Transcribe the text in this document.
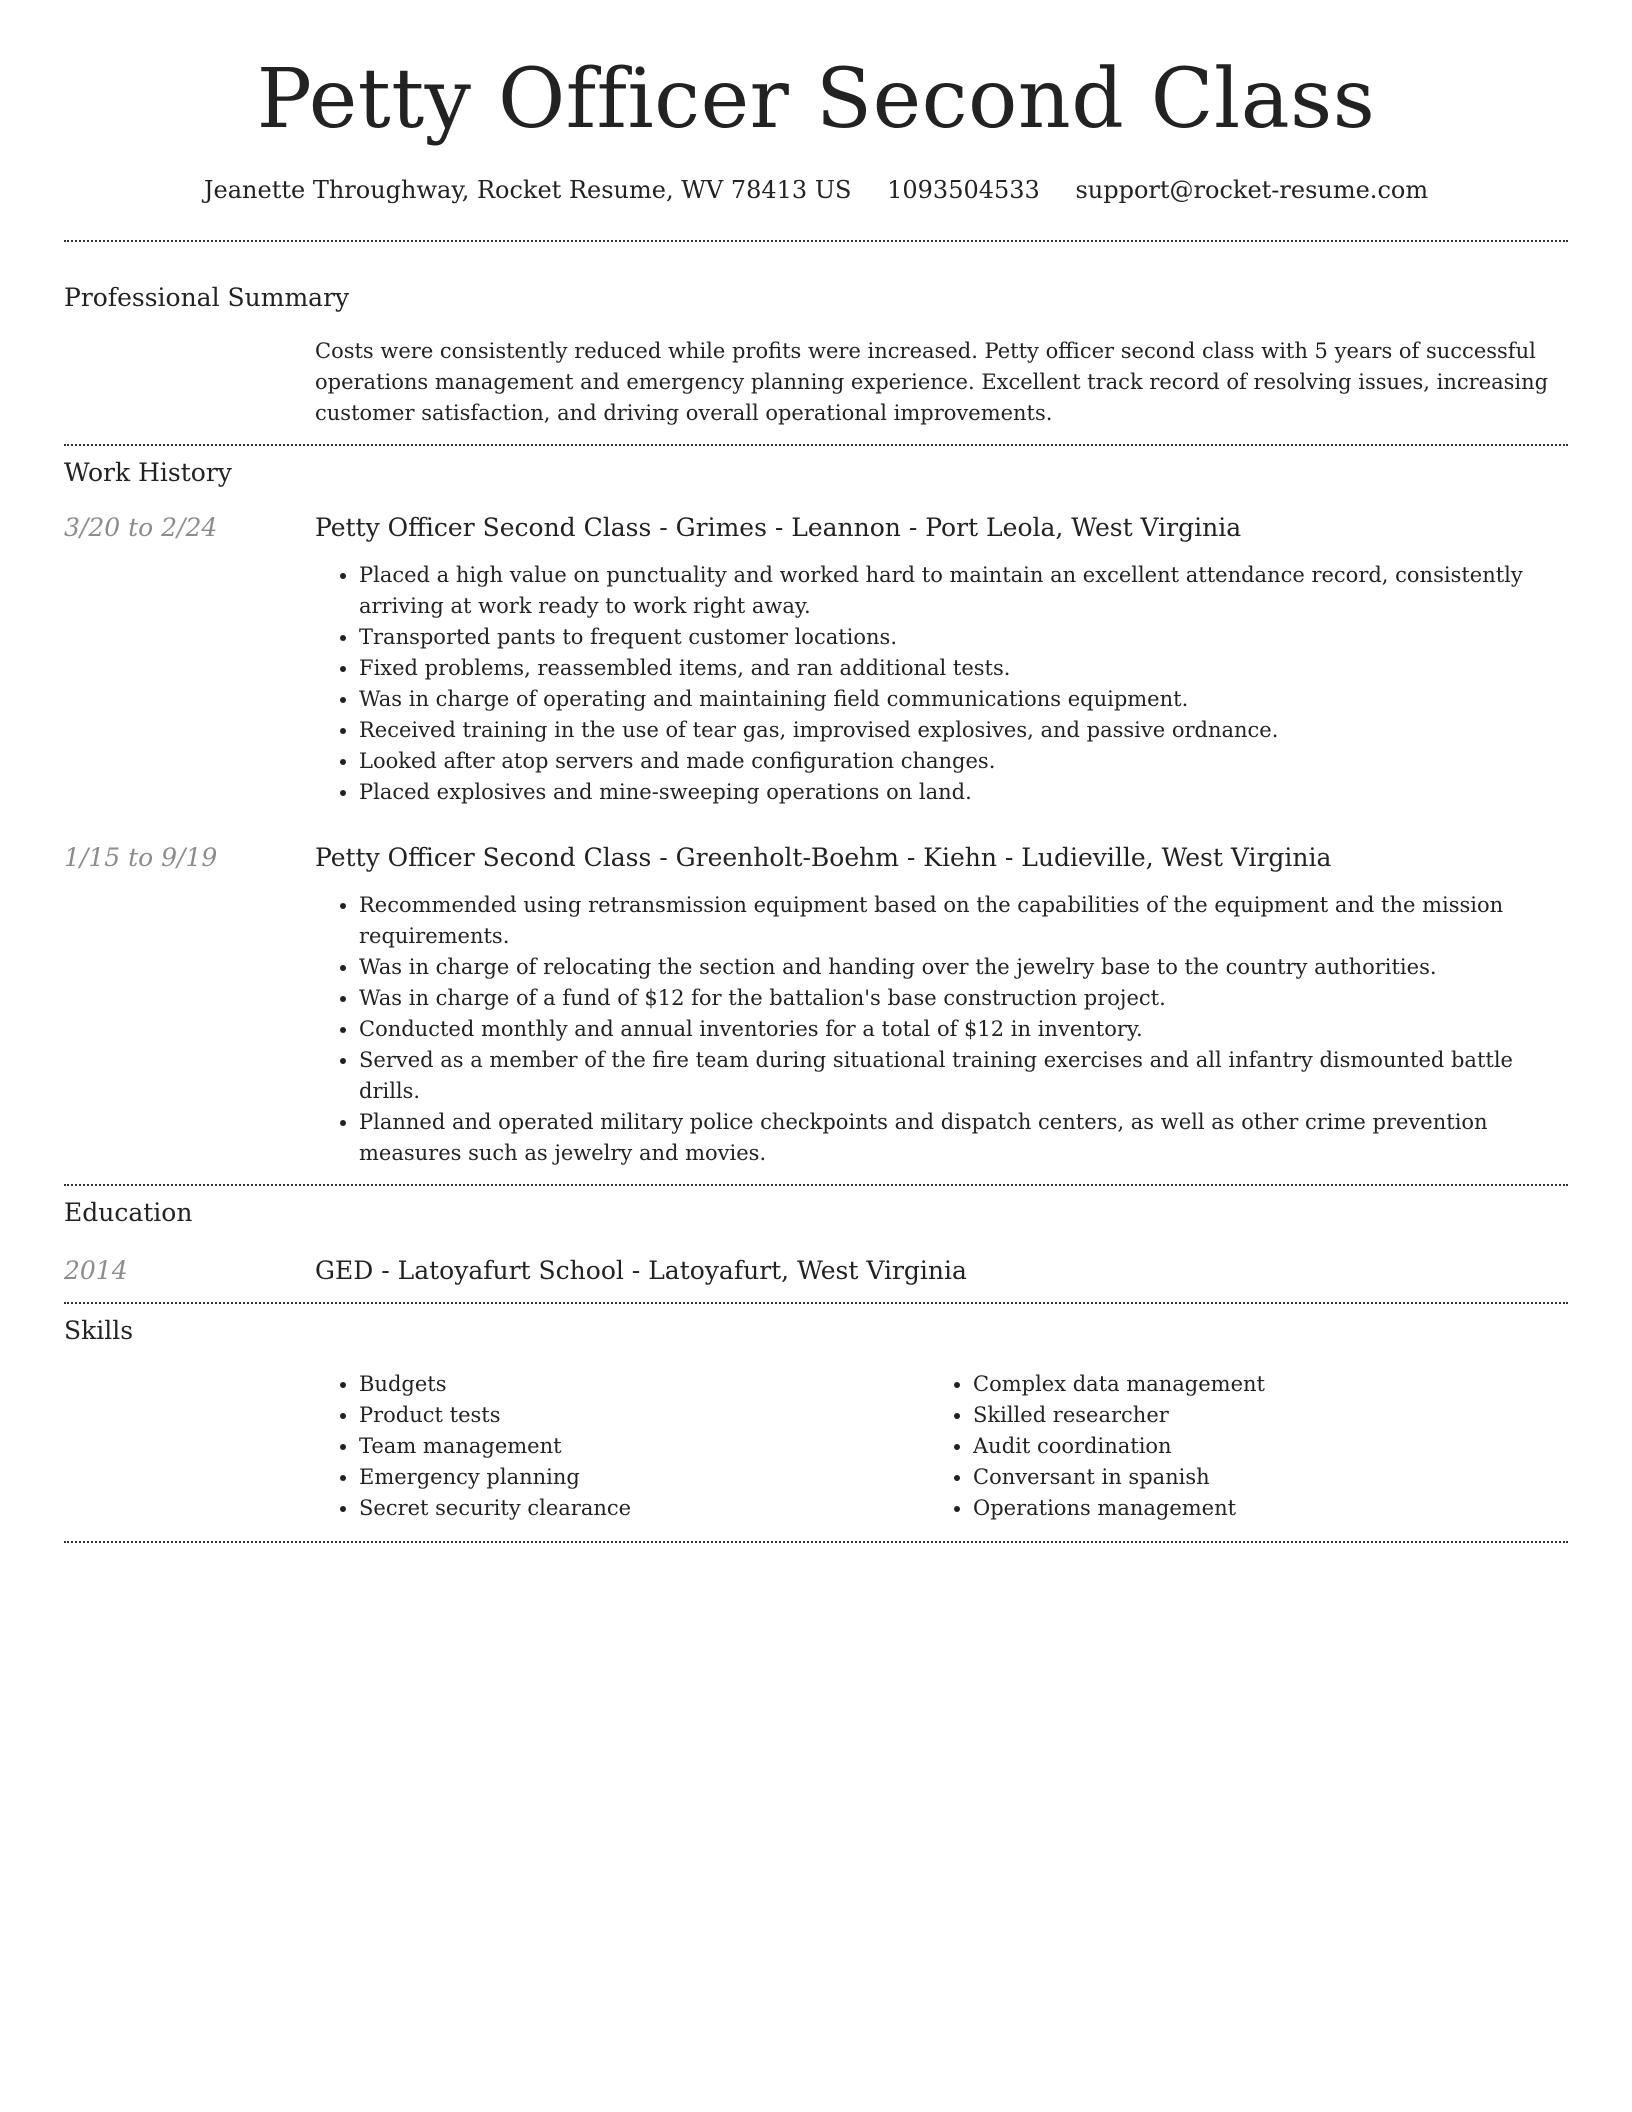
Petty Officer Second Class
Jeanette Throughway, Rocket Resume, WV 78413 US 1093504533 support@rocket-resume.com
Professional Summary
Costs were consistently reduced while profits were increased. Petty officer second class with 5 years of successful operations management and emergency planning experience. Excellent track record of resolving issues, increasing customer satisfaction, and driving overall operational improvements.
Work History
3/20 to 2/24	Petty Officer Second Class - Grimes - Leannon - Port Leola, West Virginia
• Placed a high value on punctuality and worked hard to maintain an excellent attendance record, consistently arriving at work ready to work right away.
• Transported pants to frequent customer locations.
• Fixed problems, reassembled items, and ran additional tests.
• Was in charge of operating and maintaining field communications equipment.
• Received training in the use of tear gas, improvised explosives, and passive ordnance.
• Looked after atop servers and made configuration changes.
• Placed explosives and mine-sweeping operations on land.
1/15 to 9/19	Petty Officer Second Class - Greenholt-Boehm - Kiehn - Ludieville, West Virginia
• Recommended using retransmission equipment based on the capabilities of the equipment and the mission requirements.
• Was in charge of relocating the section and handing over the jewelry base to the country authorities.
• Was in charge of a fund of $12 for the battalion's base construction project.
• Conducted monthly and annual inventories for a total of $12 in inventory.
• Served as a member of the fire team during situational training exercises and all infantry dismounted battle drills.
• Planned and operated military police checkpoints and dispatch centers, as well as other crime prevention measures such as jewelry and movies.
Education
2014	GED - Latoyafurt School - Latoyafurt, West Virginia
Skills
• Budgets
• Product tests
• Team management
• Emergency planning
• Secret security clearance
• Complex data management
• Skilled researcher
• Audit coordination
• Conversant in spanish
• Operations management
